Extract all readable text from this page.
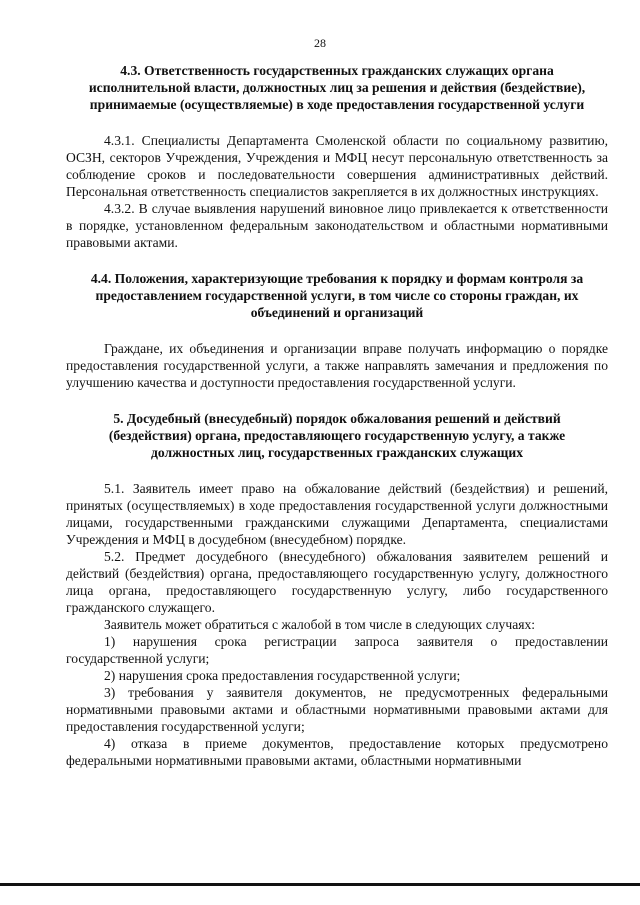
28

4.3. Ответственность государственных гражданских служащих органа исполнительной власти, должностных лиц за решения и действия (бездействие), принимаемые (осуществляемые) в ходе предоставления государственной услуги

4.3.1. Специалисты Департамента Смоленской области по социальному развитию, ОСЗН, секторов Учреждения, Учреждения и МФЦ несут персональную ответственность за соблюдение сроков и последовательности совершения административных действий. Персональная ответственность специалистов закрепляется в их должностных инструкциях.

4.3.2. В случае выявления нарушений виновное лицо привлекается к ответственности в порядке, установленном федеральным законодательством и областными нормативными правовыми актами.

4.4. Положения, характеризующие требования к порядку и формам контроля за предоставлением государственной услуги, в том числе со стороны граждан, их объединений и организаций

Граждане, их объединения и организации вправе получать информацию о порядке предоставления государственной услуги, а также направлять замечания и предложения по улучшению качества и доступности предоставления государственной услуги.

5. Досудебный (внесудебный) порядок обжалования решений и действий (бездействия) органа, предоставляющего государственную услугу, а также должностных лиц, государственных гражданских служащих

5.1. Заявитель имеет право на обжалование действий (бездействия) и решений, принятых (осуществляемых) в ходе предоставления государственной услуги должностными лицами, государственными гражданскими служащими Департамента, специалистами Учреждения и МФЦ в досудебном (внесудебном) порядке.

5.2. Предмет досудебного (внесудебного) обжалования заявителем решений и действий (бездействия) органа, предоставляющего государственную услугу, должностного лица органа, предоставляющего государственную услугу, либо государственного гражданского служащего.

Заявитель может обратиться с жалобой в том числе в следующих случаях:

1) нарушения срока регистрации запроса заявителя о предоставлении государственной услуги;

2) нарушения срока предоставления государственной услуги;

3) требования у заявителя документов, не предусмотренных федеральными нормативными правовыми актами и областными нормативными правовыми актами для предоставления государственной услуги;

4) отказа в приеме документов, предоставление которых предусмотрено федеральными нормативными правовыми актами, областными нормативными
